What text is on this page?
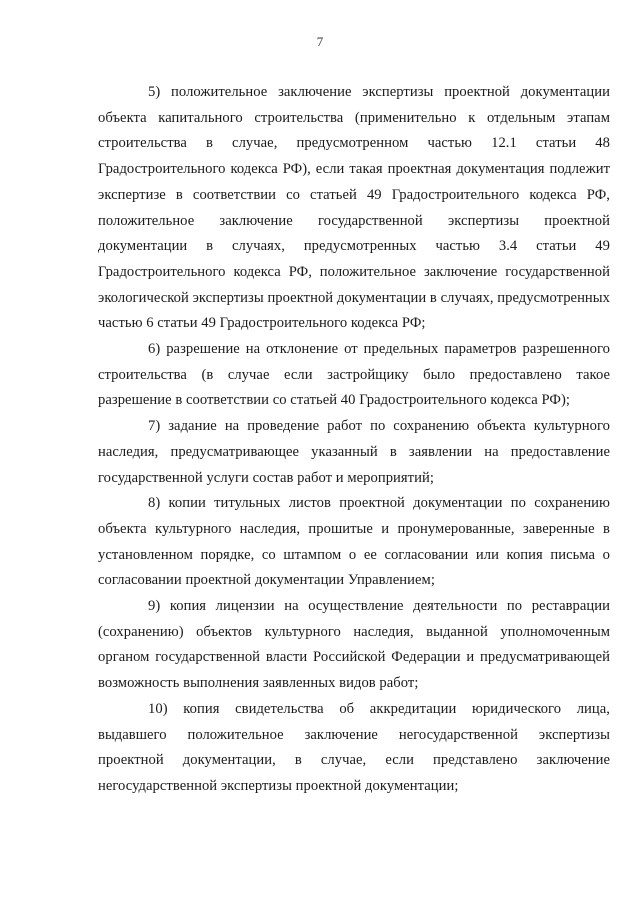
7

5) положительное заключение экспертизы проектной документации объекта капитального строительства (применительно к отдельным этапам строительства в случае, предусмотренном частью 12.1 статьи 48 Градостроительного кодекса РФ), если такая проектная документация подлежит экспертизе в соответствии со статьей 49 Градостроительного кодекса РФ, положительное заключение государственной экспертизы проектной документации в случаях, предусмотренных частью 3.4 статьи 49 Градостроительного кодекса РФ, положительное заключение государственной экологической экспертизы проектной документации в случаях, предусмотренных частью 6 статьи 49 Градостроительного кодекса РФ;

6) разрешение на отклонение от предельных параметров разрешенного строительства (в случае если застройщику было предоставлено такое разрешение в соответствии со статьей 40 Градостроительного кодекса РФ);

7) задание на проведение работ по сохранению объекта культурного наследия, предусматривающее указанный в заявлении на предоставление государственной услуги состав работ и мероприятий;

8) копии титульных листов проектной документации по сохранению объекта культурного наследия, прошитые и пронумерованные, заверенные в установленном порядке, со штампом о ее согласовании или копия письма о согласовании проектной документации Управлением;

9) копия лицензии на осуществление деятельности по реставрации (сохранению) объектов культурного наследия, выданной уполномоченным органом государственной власти Российской Федерации и предусматривающей возможность выполнения заявленных видов работ;

10) копия свидетельства об аккредитации юридического лица, выдавшего положительное заключение негосударственной экспертизы проектной документации, в случае, если представлено заключение негосударственной экспертизы проектной документации;
